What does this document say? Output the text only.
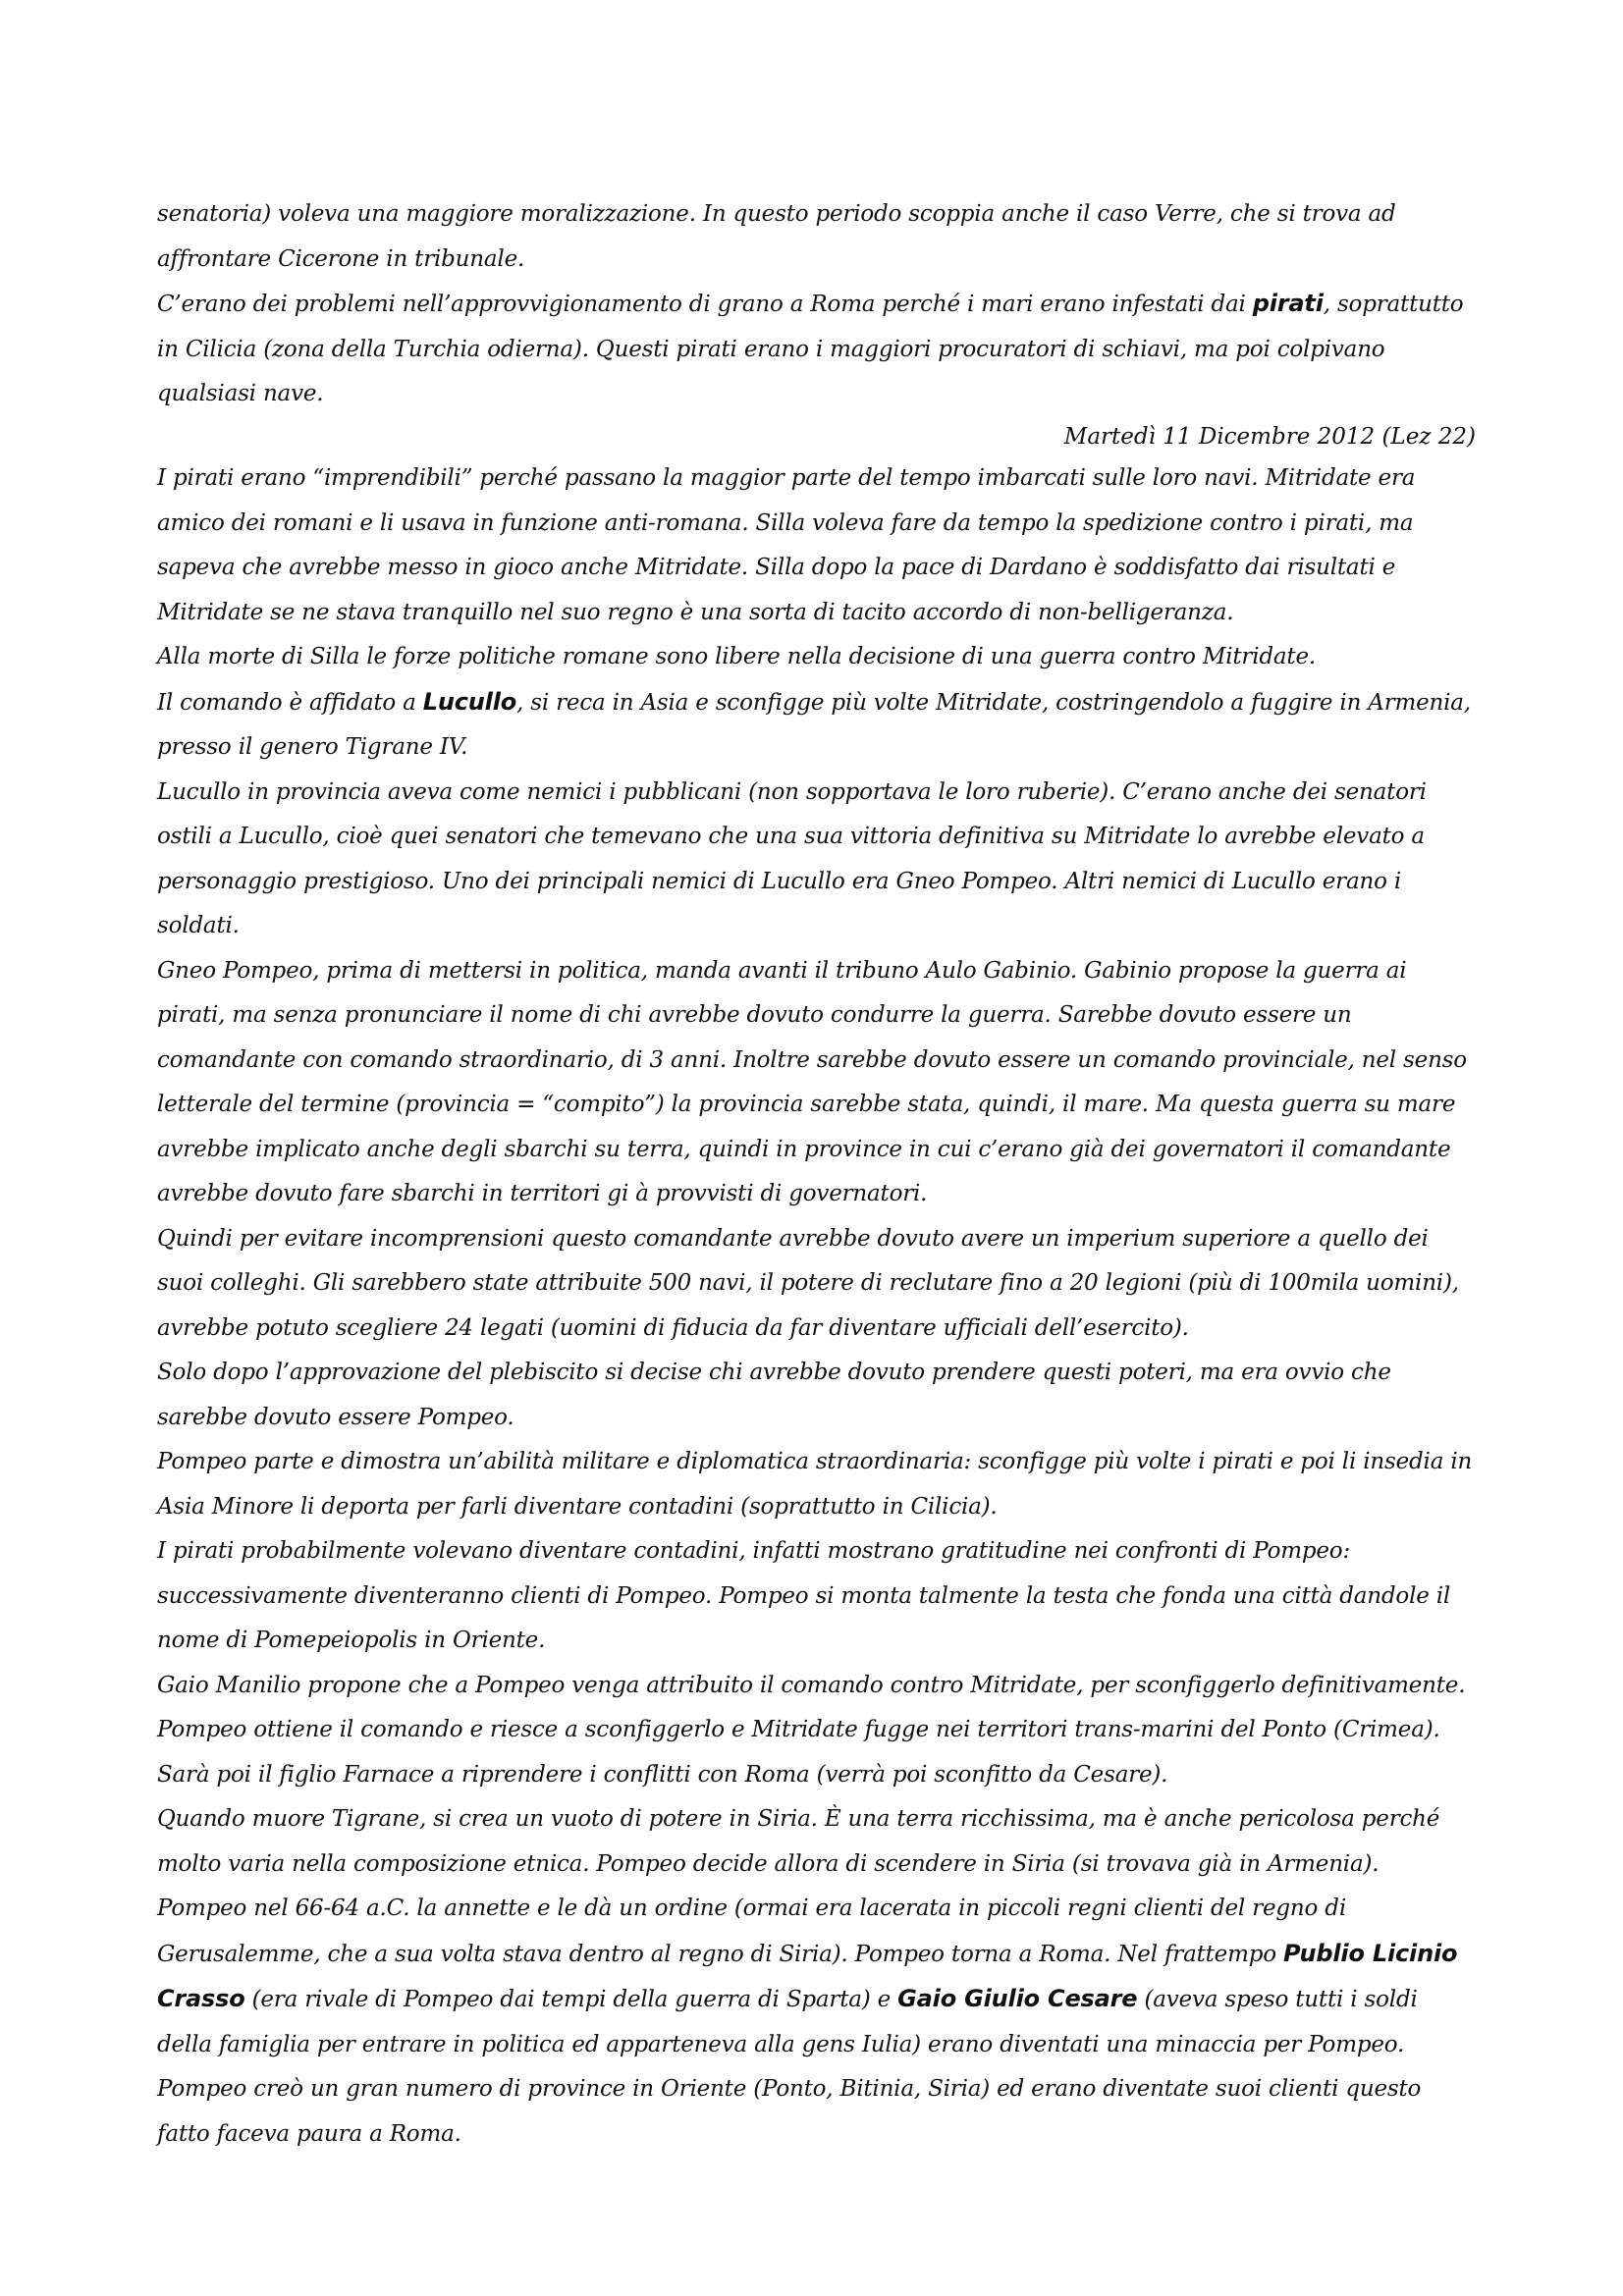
senatoria) voleva una maggiore moralizzazione. In questo periodo scoppia anche il caso Verre, che si trova ad affrontare Cicerone in tribunale.

C’erano dei problemi nell’approvvigionamento di grano a Roma perché i mari erano infestati dai pirati, soprattutto in Cilicia (zona della Turchia odierna). Questi pirati erano i maggiori procuratori di schiavi, ma poi colpivano qualsiasi nave.

Martedì 11 Dicembre 2012 (Lez 22)

I pirati erano “imprendibili” perché passano la maggior parte del tempo imbarcati sulle loro navi. Mitridate era amico dei romani e li usava in funzione anti-romana. Silla voleva fare da tempo la spedizione contro i pirati, ma sapeva che avrebbe messo in gioco anche Mitridate. Silla dopo la pace di Dardano è soddisfatto dai risultati e Mitridate se ne stava tranquillo nel suo regno è una sorta di tacito accordo di non-belligeranza.

Alla morte di Silla le forze politiche romane sono libere nella decisione di una guerra contro Mitridate.

Il comando è affidato a Lucullo, si reca in Asia e sconfigge più volte Mitridate, costringendolo a fuggire in Armenia, presso il genero Tigrane IV.

Lucullo in provincia aveva come nemici i pubblicani (non sopportava le loro ruberie). C’erano anche dei senatori ostili a Lucullo, cioè quei senatori che temevano che una sua vittoria definitiva su Mitridate lo avrebbe elevato a personaggio prestigioso. Uno dei principali nemici di Lucullo era Gneo Pompeo. Altri nemici di Lucullo erano i soldati.

Gneo Pompeo, prima di mettersi in politica, manda avanti il tribuno Aulo Gabinio. Gabinio propose la guerra ai pirati, ma senza pronunciare il nome di chi avrebbe dovuto condurre la guerra. Sarebbe dovuto essere un comandante con comando straordinario, di 3 anni. Inoltre sarebbe dovuto essere un comando provinciale, nel senso letterale del termine (provincia = “compito”) la provincia sarebbe stata, quindi, il mare. Ma questa guerra su mare avrebbe implicato anche degli sbarchi su terra, quindi in province in cui c’erano già dei governatori il comandante avrebbe dovuto fare sbarchi in territori gi à provvisti di governatori.

Quindi per evitare incomprensioni questo comandante avrebbe dovuto avere un imperium superiore a quello dei suoi colleghi. Gli sarebbero state attribuite 500 navi, il potere di reclutare fino a 20 legioni (più di 100mila uomini), avrebbe potuto scegliere 24 legati (uomini di fiducia da far diventare ufficiali dell’esercito).

Solo dopo l’approvazione del plebiscito si decise chi avrebbe dovuto prendere questi poteri, ma era ovvio che sarebbe dovuto essere Pompeo.

Pompeo parte e dimostra un’abilità militare e diplomatica straordinaria: sconfigge più volte i pirati e poi li insedia in Asia Minore li deporta per farli diventare contadini (soprattutto in Cilicia).

I pirati probabilmente volevano diventare contadini, infatti mostrano gratitudine nei confronti di Pompeo: successivamente diventeranno clienti di Pompeo. Pompeo si monta talmente la testa che fonda una città dandole il nome di Pomepeiopolis in Oriente.

Gaio Manilio propone che a Pompeo venga attribuito il comando contro Mitridate, per sconfiggerlo definitivamente. Pompeo ottiene il comando e riesce a sconfiggerlo e Mitridate fugge nei territori trans-marini del Ponto (Crimea). Sarà poi il figlio Farnace a riprendere i conflitti con Roma (verrà poi sconfitto da Cesare).

Quando muore Tigrane, si crea un vuoto di potere in Siria. È una terra ricchissima, ma è anche pericolosa perché molto varia nella composizione etnica. Pompeo decide allora di scendere in Siria (si trovava già in Armenia). Pompeo nel 66-64 a.C. la annette e le dà un ordine (ormai era lacerata in piccoli regni clienti del regno di Gerusalemme, che a sua volta stava dentro al regno di Siria). Pompeo torna a Roma. Nel frattempo Publio Licinio Crasso (era rivale di Pompeo dai tempi della guerra di Sparta) e Gaio Giulio Cesare (aveva speso tutti i soldi della famiglia per entrare in politica ed apparteneva alla gens Iulia) erano diventati una minaccia per Pompeo.

Pompeo creò un gran numero di province in Oriente (Ponto, Bitinia, Siria) ed erano diventate suoi clienti questo fatto faceva paura a Roma.
